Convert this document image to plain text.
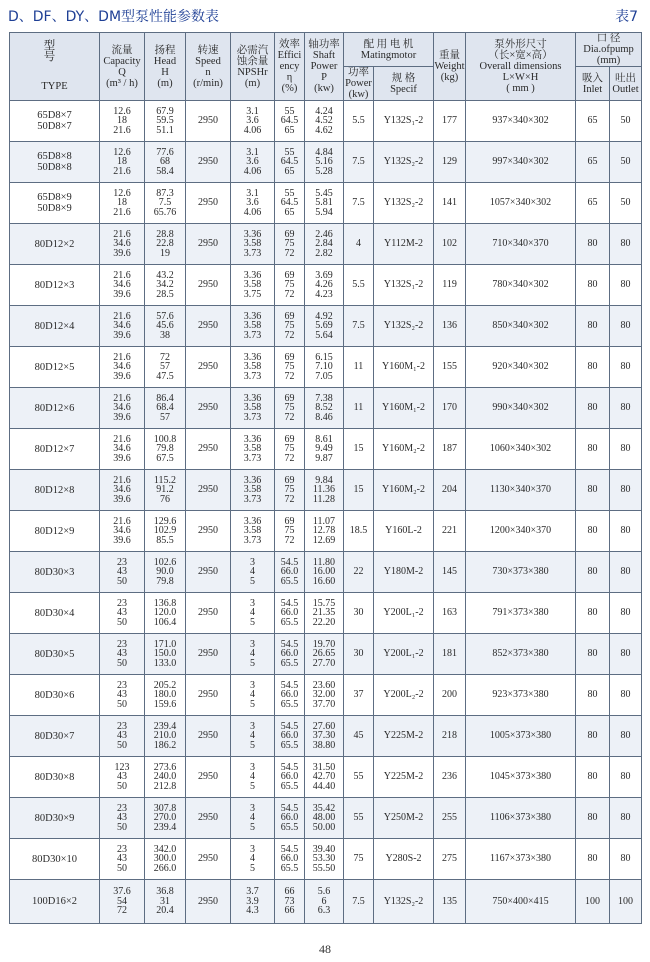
D、DF、DY、DM型泵性能参数表	表7
型 号
TYPE	流量
Capacity
Q
(m³ / h)	扬程
Head
H
(m)	转速
Speed
n
(r/min)	必需汽
蚀余量
NPSHr
(m)	效率
Effici
ency
η
(%)	轴功率
Shaft
Power
P
(kw)	配 用 电 机
Matingmotor		重量
Weight
(kg)	泵外形尺寸
（长×宽×高）
Overall dimensions
L×W×H
( mm )	口 径
Dia.ofpump
(mm)	

							功率
Power
(kw)	规 格
Specif			吸入
Inlet	吐出
Outlet

65D8×7
50D8×7	12.6
18
21.6	67.9
59.5
51.1	2950	3.1
3.6
4.06	55
64.5
65	4.24
4.52
4.62	5.5	Y132S₁-2	177	937×340×302	65	50

65D8×8
50D8×8	12.6
18
21.6	77.6
68
58.4	2950	3.1
3.6
4.06	55
64.5
65	4.84
5.16
5.28	7.5	Y132S₂-2	129	997×340×302	65	50

65D8×9
50D8×9	12.6
18
21.6	87.3
7.5
65.76	2950	3.1
3.6
4.06	55
64.5
65	5.45
5.81
5.94	7.5	Y132S₂-2	141	1057×340×302	65	50

80D12×2	21.6
34.6
39.6	28.8
22.8
19	2950	3.36
3.58
3.73	69
75
72	2.46
2.84
2.82	4	Y112M-2	102	710×340×370	80	80

80D12×3	21.6
34.6
39.6	43.2
34.2
28.5	2950	3.36
3.58
3.75	69
75
72	3.69
4.26
4.23	5.5	Y132S₁-2	119	780×340×302	80	80

80D12×4	21.6
34.6
39.6	57.6
45.6
38	2950	3.36
3.58
3.73	69
75
72	4.92
5.69
5.64	7.5	Y132S₂-2	136	850×340×302	80	80

80D12×5	21.6
34.6
39.6	72
57
47.5	2950	3.36
3.58
3.73	69
75
72	6.15
7.10
7.05	11	Y160M₁-2	155	920×340×302	80	80

80D12×6	21.6
34.6
39.6	86.4
68.4
57	2950	3.36
3.58
3.73	69
75
72	7.38
8.52
8.46	11	Y160M₁-2	170	990×340×302	80	80

80D12×7	21.6
34.6
39.6	100.8
79.8
67.5	2950	3.36
3.58
3.73	69
75
72	8.61
9.49
9.87	15	Y160M₂-2	187	1060×340×302	80	80

80D12×8	21.6
34.6
39.6	115.2
91.2
76	2950	3.36
3.58
3.73	69
75
72	9.84
11.36
11.28	15	Y160M₂-2	204	1130×340×370	80	80

80D12×9	21.6
34.6
39.6	129.6
102.9
85.5	2950	3.36
3.58
3.73	69
75
72	11.07
12.78
12.69	18.5	Y160L-2	221	1200×340×370	80	80

80D30×3	23
43
50	102.6
90.0
79.8	2950	3
4
5	54.5
66.0
65.5	11.80
16.00
16.60	22	Y180M-2	145	730×373×380	80	80

80D30×4	23
43
50	136.8
120.0
106.4	2950	3
4
5	54.5
66.0
65.5	15.75
21.35
22.20	30	Y200L₁-2	163	791×373×380	80	80

80D30×5	23
43
50	171.0
150.0
133.0	2950	3
4
5	54.5
66.0
65.5	19.70
26.65
27.70	30	Y200L₁-2	181	852×373×380	80	80

80D30×6	23
43
50	205.2
180.0
159.6	2950	3
4
5	54.5
66.0
65.5	23.60
32.00
37.70	37	Y200L₂-2	200	923×373×380	80	80

80D30×7	23
43
50	239.4
210.0
186.2	2950	3
4
5	54.5
66.0
65.5	27.60
37.30
38.80	45	Y225M-2	218	1005×373×380	80	80

80D30×8	123
43
50	273.6
240.0
212.8	2950	3
4
5	54.5
66.0
65.5	31.50
42.70
44.40	55	Y225M-2	236	1045×373×380	80	80

80D30×9	23
43
50	307.8
270.0
239.4	2950	3
4
5	54.5
66.0
65.5	35.42
48.00
50.00	55	Y250M-2	255	1106×373×380	80	80

80D30×10	23
43
50	342.0
300.0
266.0	2950	3
4
5	54.5
66.0
65.5	39.40
53.30
55.50	75	Y280S-2	275	1167×373×380	80	80

100D16×2	37.6
54
72	36.8
31
20.4	2950	3.7
3.9
4.3	66
73
66	5.6
6
6.3	7.5	Y132S₂-2	135	750×400×415	100	100
48
